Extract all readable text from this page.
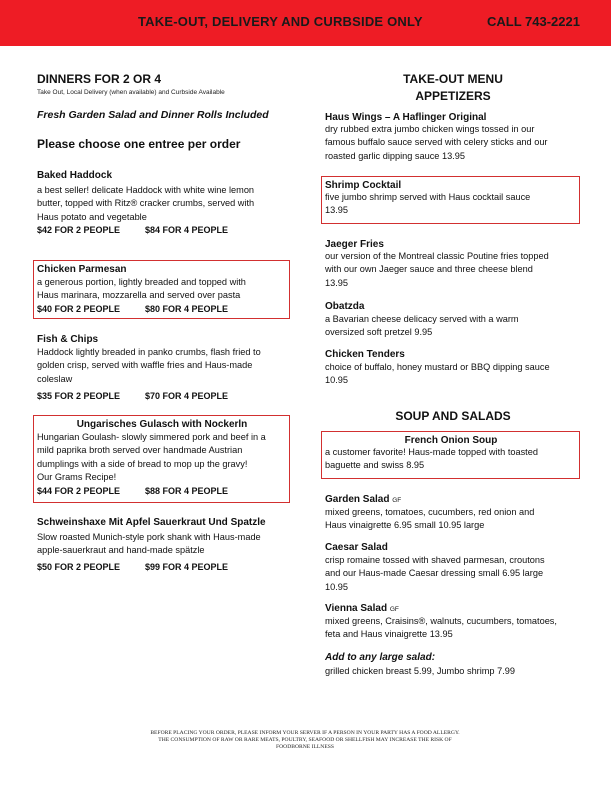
TAKE-OUT, DELIVERY AND CURBSIDE ONLY	CALL 743-2221
DINNERS FOR 2 OR 4
Take Out, Local Delivery (when available) and Curbside Available
Fresh Garden Salad and Dinner Rolls Included
Please choose one entree per order
Baked Haddock
a best seller! delicate Haddock with white wine lemon
butter, topped with Ritz® cracker crumbs, served with
Haus potato and vegetable
$42 FOR 2 PEOPLE	$84 FOR 4 PEOPLE
Chicken Parmesan
a generous portion, lightly breaded and topped with
Haus marinara, mozzarella and served over pasta
$40 FOR 2 PEOPLE	$80 FOR 4 PEOPLE
Fish & Chips
Haddock lightly breaded in panko crumbs, flash fried to
golden crisp, served with waffle fries and Haus-made
coleslaw
$35 FOR 2 PEOPLE	$70 FOR 4 PEOPLE
Ungarisches Gulasch with Nockerln
Hungarian Goulash- slowly simmered pork and beef in a
mild paprika broth served over handmade Austrian
dumplings with a side of bread to mop up the gravy!
Our Grams Recipe!
$44 FOR 2 PEOPLE	$88 FOR 4 PEOPLE
Schweinshaxe Mit Apfel Sauerkraut Und Spatzle
Slow roasted Munich-style pork shank with Haus-made
apple-sauerkraut and hand-made spätzle
$50 FOR 2 PEOPLE	$99 FOR 4 PEOPLE
TAKE-OUT MENU
APPETIZERS
Haus Wings – A Haflinger Original
dry rubbed extra jumbo chicken wings tossed in our
famous buffalo sauce served with celery sticks and our
roasted garlic dipping sauce 13.95
Shrimp Cocktail
five jumbo shrimp served with Haus cocktail sauce
13.95
Jaeger Fries
our version of the Montreal classic Poutine fries topped
with our own Jaeger sauce and three cheese blend
13.95
Obatzda
a Bavarian cheese delicacy served with a warm
oversized soft pretzel 9.95
Chicken Tenders
choice of buffalo, honey mustard or BBQ dipping sauce
10.95
SOUP AND SALADS
French Onion Soup
a customer favorite! Haus-made topped with toasted
baguette and swiss 8.95
Garden Salad GF
mixed greens, tomatoes, cucumbers, red onion and
Haus vinaigrette 6.95 small 10.95 large
Caesar Salad
crisp romaine tossed with shaved parmesan, croutons
and our Haus-made Caesar dressing small 6.95 large
10.95
Vienna Salad GF
mixed greens, Craisins®, walnuts, cucumbers, tomatoes,
feta and Haus vinaigrette 13.95
Add to any large salad:
grilled chicken breast 5.99, Jumbo shrimp 7.99
BEFORE PLACING YOUR ORDER, PLEASE INFORM YOUR SERVER IF A PERSON IN YOUR PARTY HAS A FOOD ALLERGY.
THE CONSUMPTION OF RAW OR RARE MEATS, POULTRY, SEAFOOD OR SHELLFISH MAY INCREASE THE RISK OF
FOODBORNE ILLNESS
